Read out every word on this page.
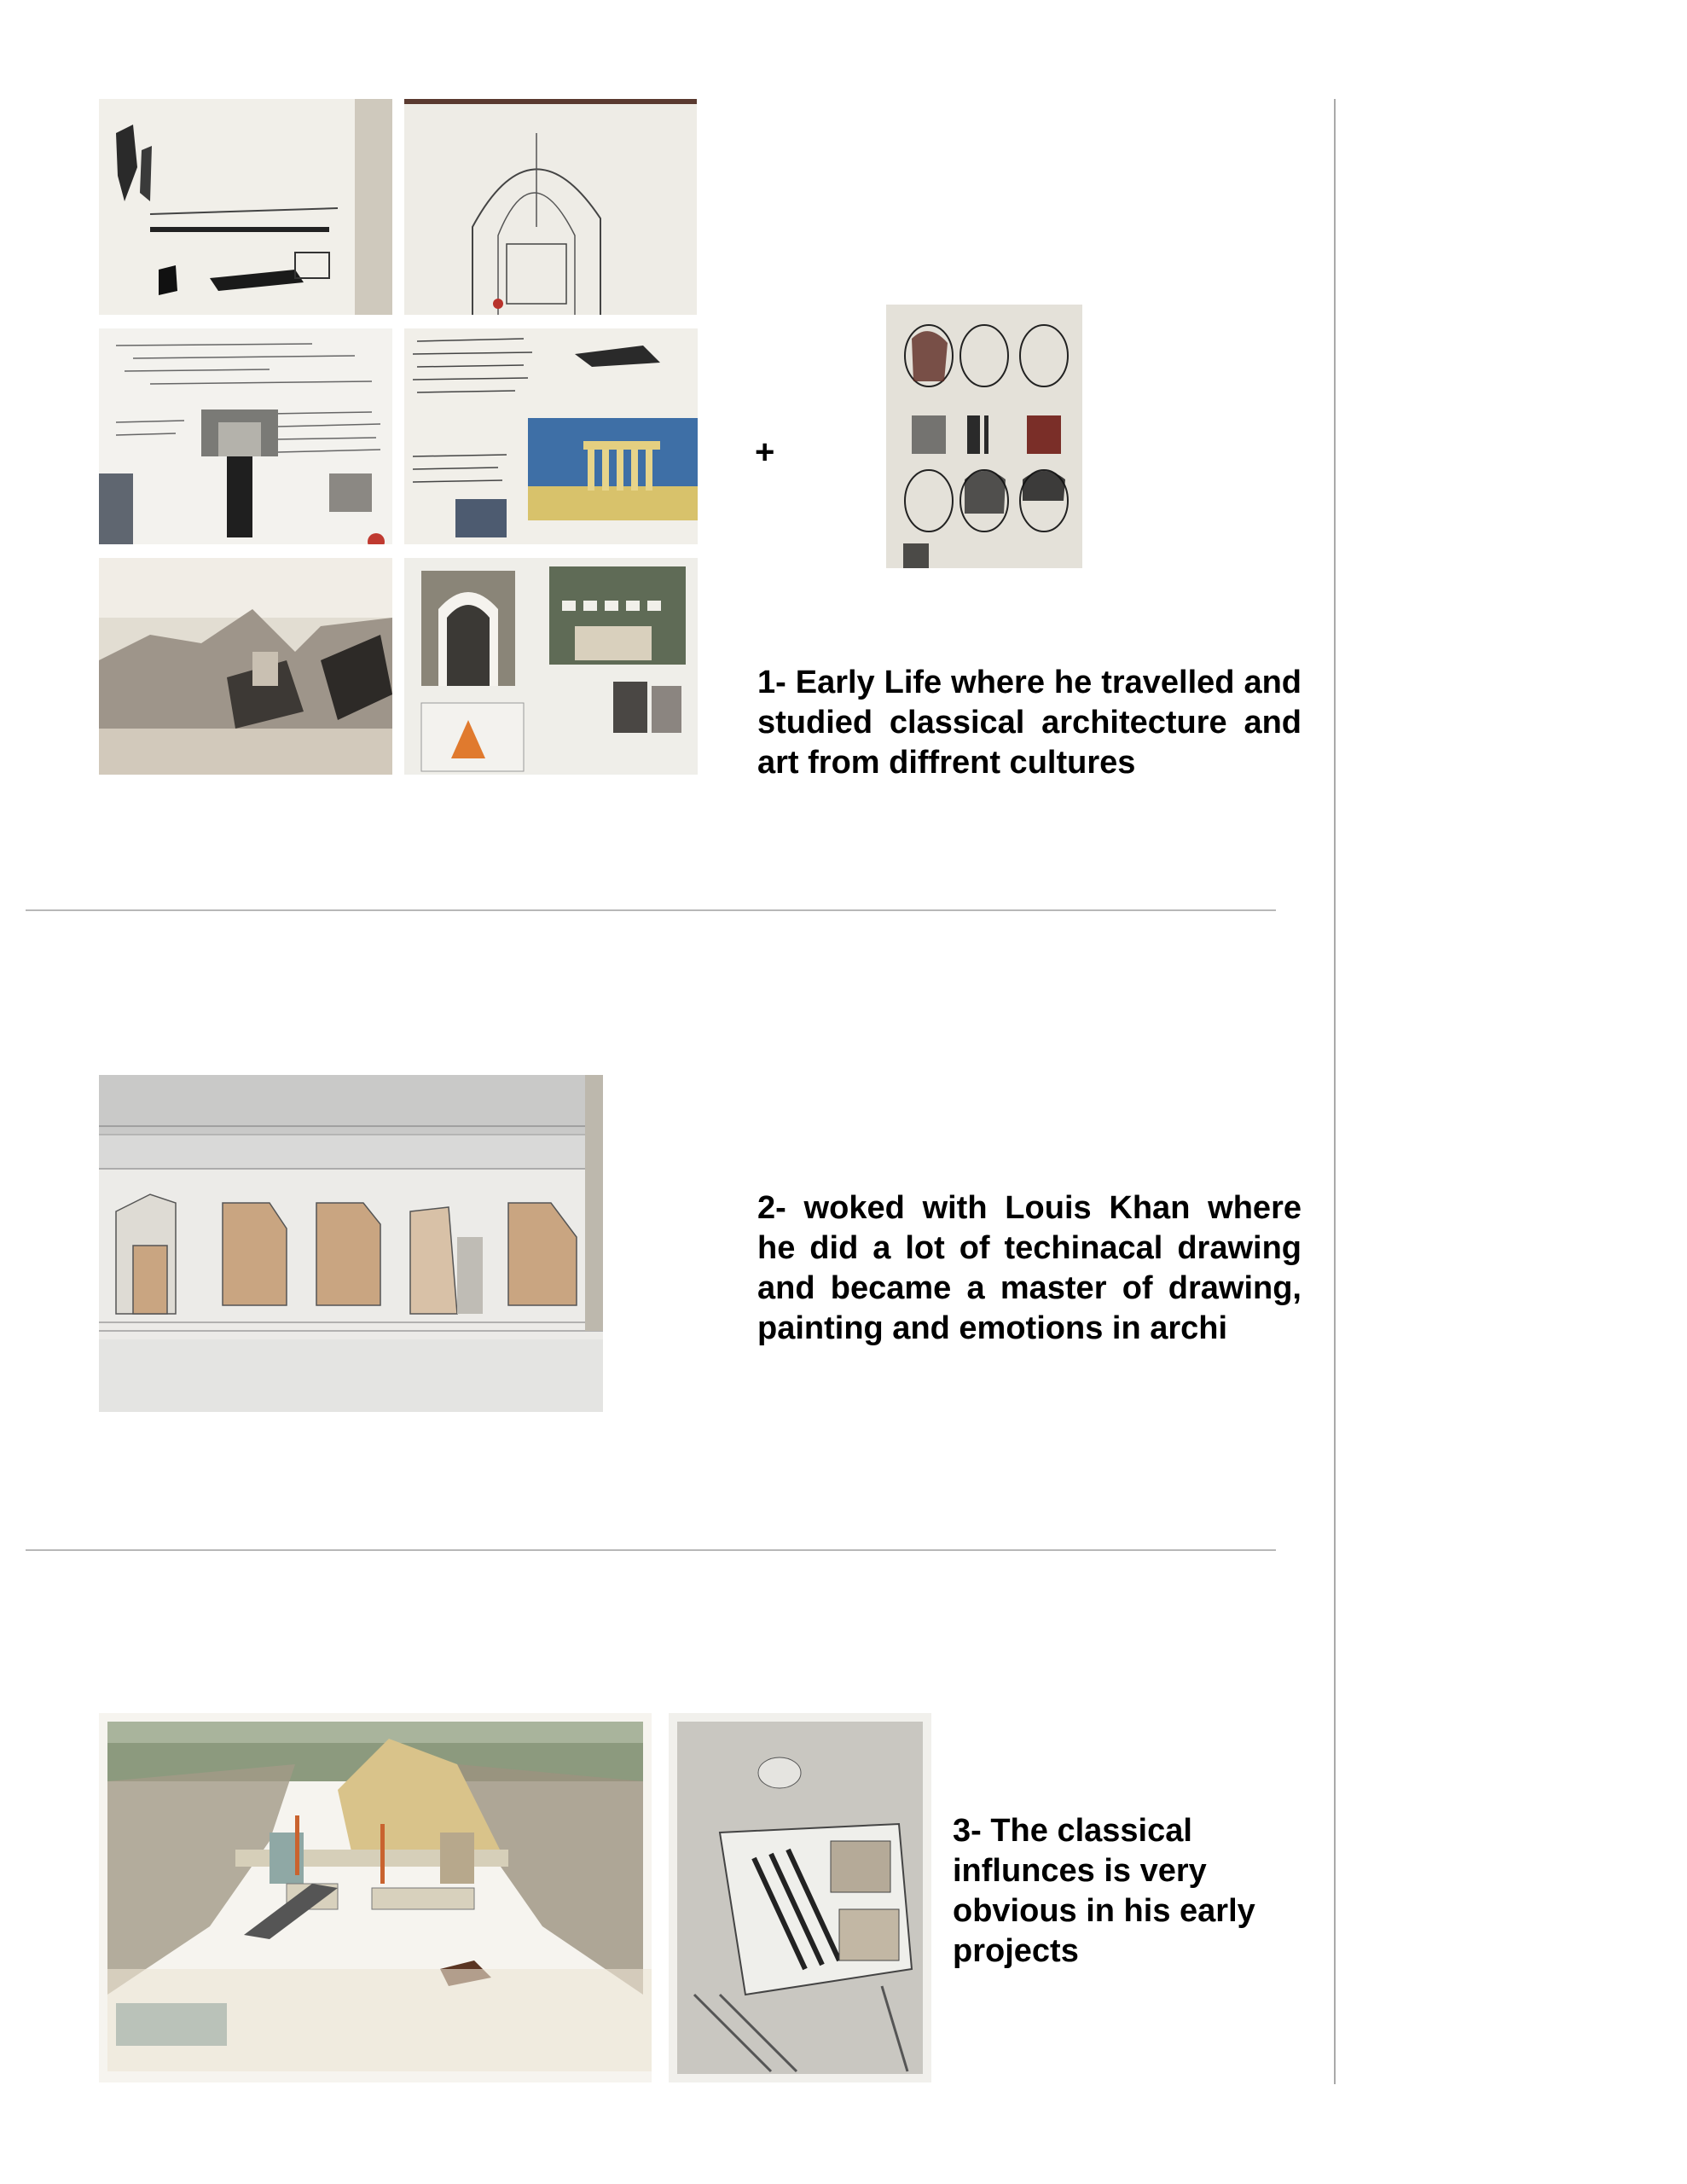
+
1- Early Life where he travelled and studied classical architecture and art from diffrent cultures
2- woked with Louis Khan where he did a lot of techinacal drawing and became a master of drawing, painting and emotions in archi
3- The classical influnces is very obvious in his early projects
